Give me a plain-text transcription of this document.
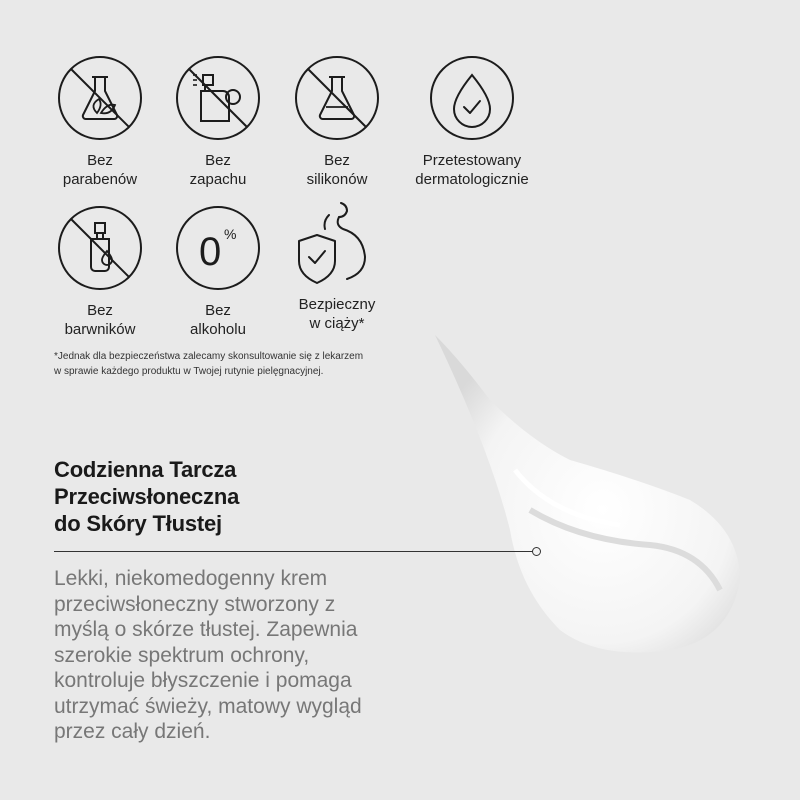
Bez
parabenów
Bez
zapachu
Bez
silikonów
Przetestowany
dermatologicznie
Bez
barwników
0 %
Bez
alkoholu
Bezpieczny
w ciąży*
*Jednak dla bezpieczeństwa zalecamy skonsultowanie się z lekarzem
w sprawie każdego produktu w Twojej rutynie pielęgnacyjnej.
Codzienna Tarcza
Przeciwsłoneczna
do Skóry Tłustej
Lekki, niekomedogenny krem
przeciwsłoneczny stworzony z
myślą o skórze tłustej. Zapewnia
szerokie spektrum ochrony,
kontroluje błyszczenie i pomaga
utrzymać świeży, matowy wygląd
przez cały dzień.
